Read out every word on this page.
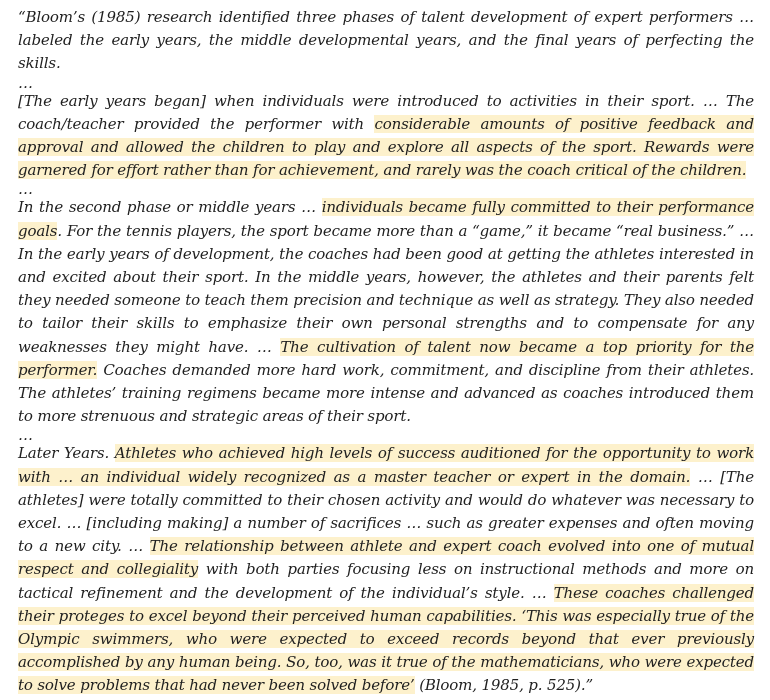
“Bloom’s (1985) research identified three phases of talent development of expert performers … labeled the early years, the middle developmental years, and the final years of perfecting the skills.

…

[The early years began] when individuals were introduced to activities in their sport. … The coach/teacher provided the performer with considerable amounts of positive feedback and approval and allowed the children to play and explore all aspects of the sport. Rewards were garnered for effort rather than for achievement, and rarely was the coach critical of the children.

…

In the second phase or middle years … individuals became fully committed to their performance goals. For the tennis players, the sport became more than a “game,” it became “real business.” … In the early years of development, the coaches had been good at getting the athletes interested in and excited about their sport. In the middle years, however, the athletes and their parents felt they needed someone to teach them precision and technique as well as strategy. They also needed to tailor their skills to emphasize their own personal strengths and to compensate for any weaknesses they might have. … The cultivation of talent now became a top priority for the performer. Coaches demanded more hard work, commitment, and discipline from their athletes. The athletes’ training regimens became more intense and advanced as coaches introduced them to more strenuous and strategic areas of their sport.

…

Later Years. Athletes who achieved high levels of success auditioned for the opportunity to work with … an individual widely recognized as a master teacher or expert in the domain. … [The athletes] were totally committed to their chosen activity and would do whatever was necessary to excel. … [including making] a number of sacrifices … such as greater expenses and often moving to a new city. … The relationship between athlete and expert coach evolved into one of mutual respect and collegiality with both parties focusing less on instructional methods and more on tactical refinement and the development of the individual’s style. … These coaches challenged their proteges to excel beyond their perceived human capabilities. ‘This was especially true of the Olympic swimmers, who were expected to exceed records beyond that ever previously accomplished by any human being. So, too, was it true of the mathematicians, who were expected to solve problems that had never been solved before’ (Bloom, 1985, p. 525).”
